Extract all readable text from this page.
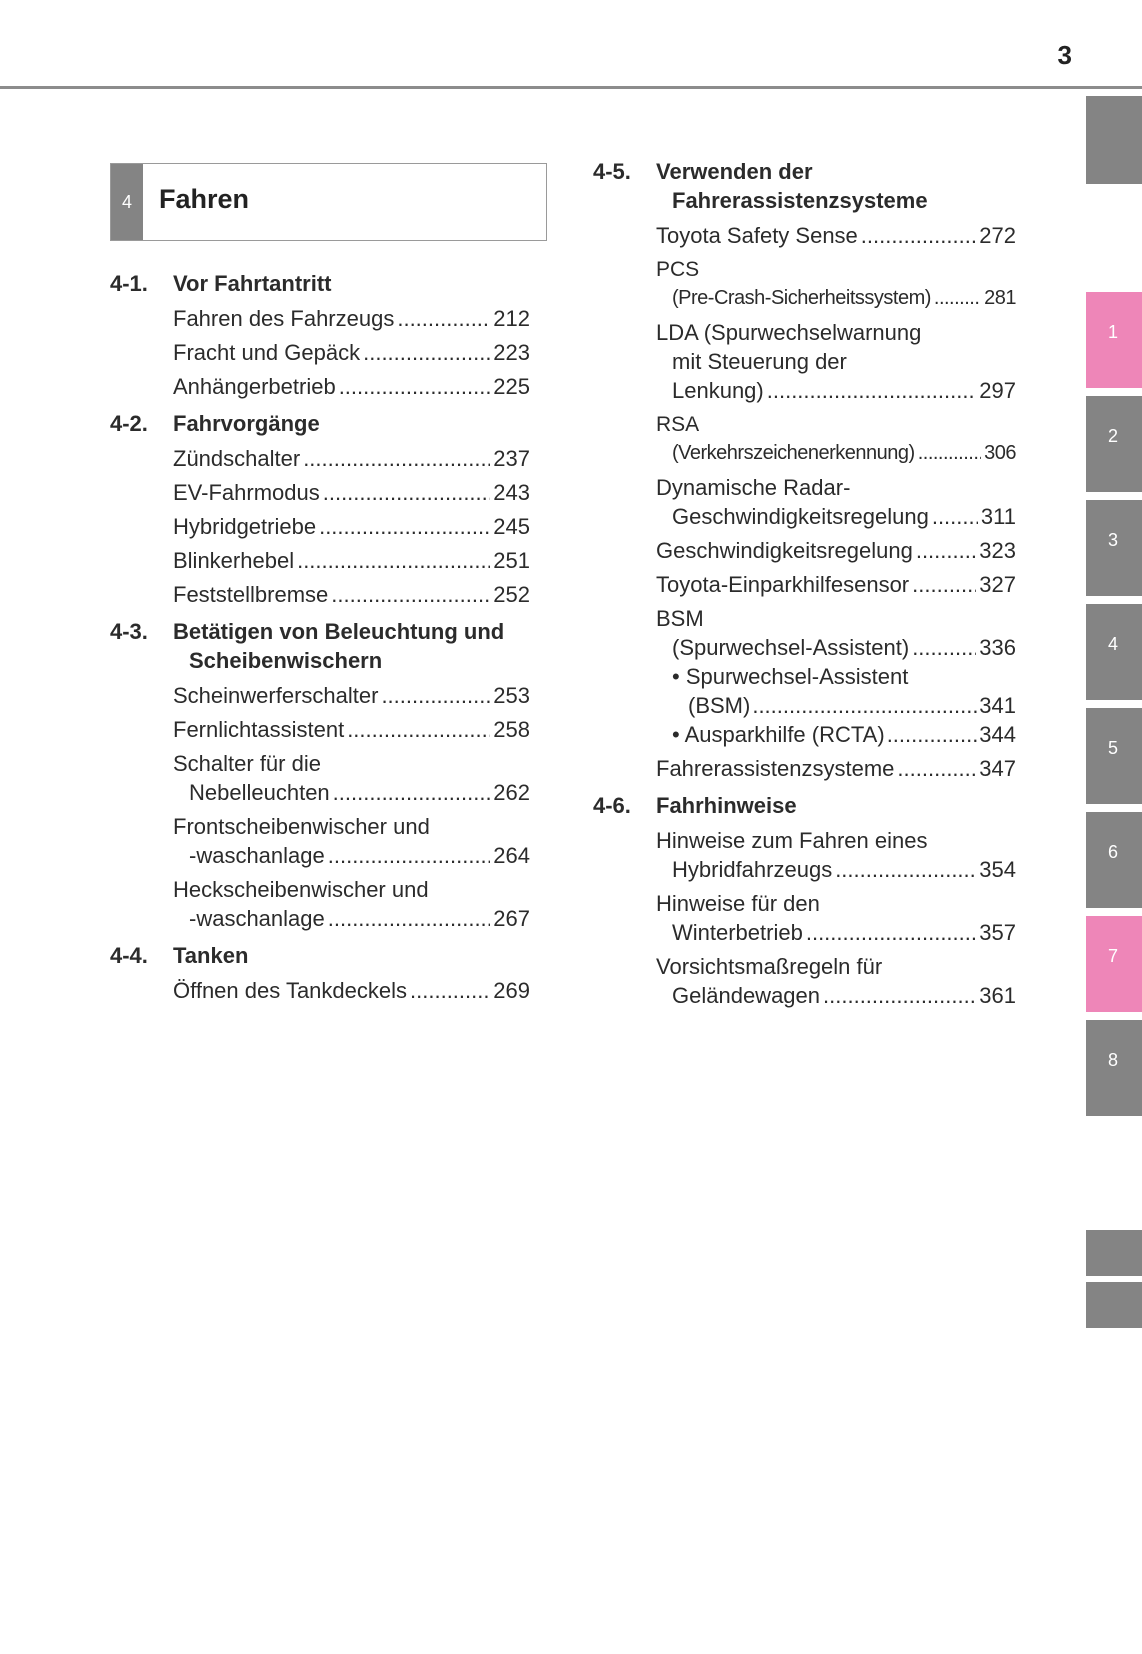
3
1
2
3
4
5
6
7
8
4	Fahren
4-1. Vor Fahrtantritt
Fahren des Fahrzeugs .....	212
Fracht und Gepäck .....	223
Anhängerbetrieb .....	225
4-2. Fahrvorgänge
Zündschalter .....	237
EV-Fahrmodus .....	243
Hybridgetriebe .....	245
Blinkerhebel .....	251
Feststellbremse .....	252
4-3. Betätigen von Beleuchtung und
Scheibenwischern
Scheinwerferschalter .....	253
Fernlichtassistent .....	258
Schalter für die
Nebelleuchten .....	262
Frontscheibenwischer und
-waschanlage .....	264
Heckscheibenwischer und
-waschanlage .....	267
4-4. Tanken
Öffnen des Tankdeckels .....	269
4-5. Verwenden der
Fahrerassistenzsysteme
Toyota Safety Sense .....	272
PCS
(Pre-Crash-Sicherheitssystem) .....	281
LDA (Spurwechselwarnung
mit Steuerung der
Lenkung) .....	297
RSA
(Verkehrszeichenerkennung) .....	306
Dynamische Radar-
Geschwindigkeitsregelung ..... 311
Geschwindigkeitsregelung .....	323
Toyota-Einparkhilfesensor .....	327
BSM
(Spurwechsel-Assistent) .....	336
• Spurwechsel-Assistent
(BSM) .....	341
• Ausparkhilfe (RCTA) .....	344
Fahrerassistenzsysteme .....	347
4-6. Fahrhinweise
Hinweise zum Fahren eines
Hybridfahrzeugs .....	354
Hinweise für den
Winterbetrieb .....	357
Vorsichtsmaßregeln für
Geländewagen .....	361
